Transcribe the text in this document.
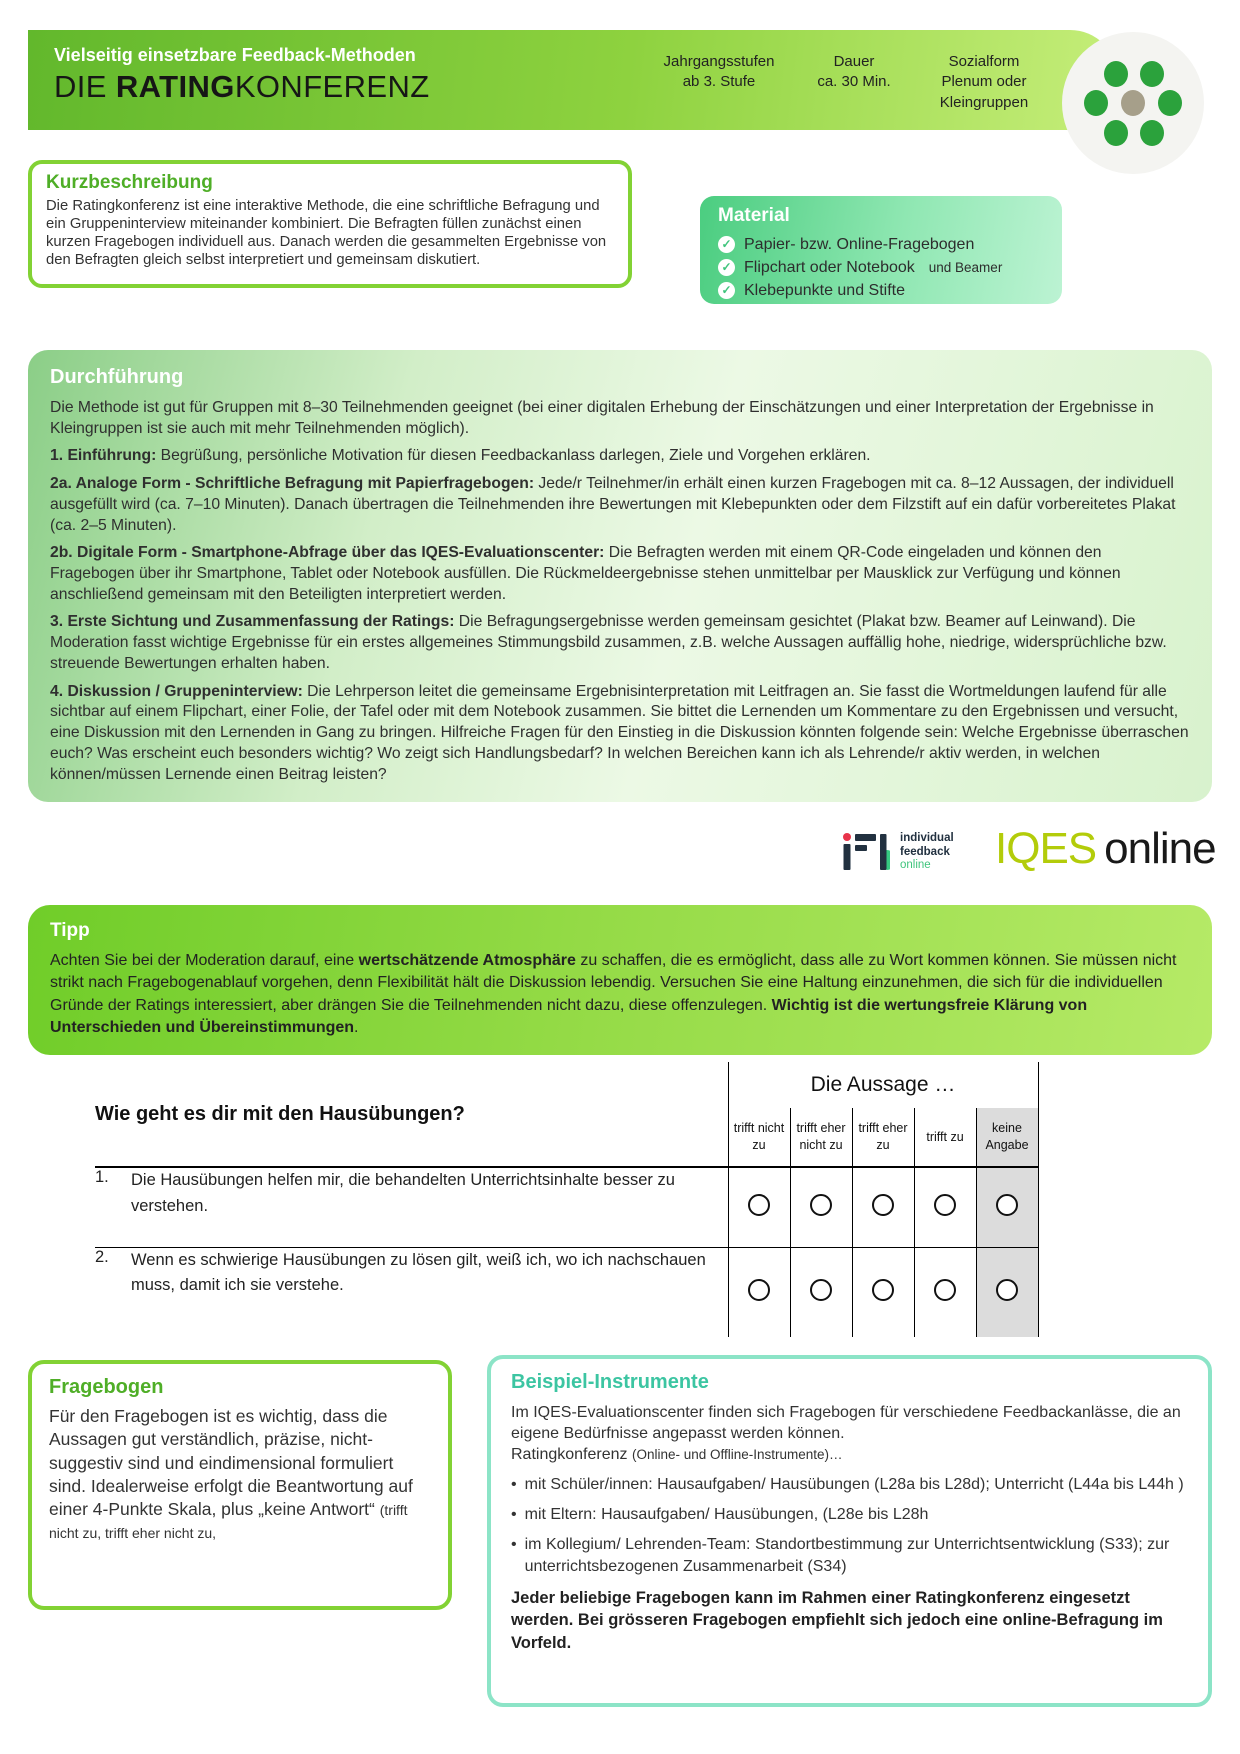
Vielseitig einsetzbare Feedback-Methoden
DIE RATINGKONFERENZ
Jahrgangsstufen
ab 3. Stufe
Dauer
ca. 30 Min.
Sozialform
Plenum oder Kleingruppen
Kurzbeschreibung

Die Ratingkonferenz ist eine interaktive Methode, die eine schriftliche Befragung und ein Gruppeninterview miteinander kombiniert. Die Befragten füllen zunächst einen kurzen Fragebogen individuell aus. Danach werden die gesammelten Ergebnisse von den Befragten gleich selbst interpretiert und gemeinsam diskutiert.

Material
✓
Papier- bzw. Online-Fragebogen
✓
Flipchart oder Notebook und Beamer
✓
Klebepunkte und Stifte
Durchführung

Die Methode ist gut für Gruppen mit 8–30 Teilnehmenden geeignet (bei einer digitalen Erhebung der Einschätzungen und einer Interpretation der Ergebnisse in Kleingruppen ist sie auch mit mehr Teilnehmenden möglich).

1. Einführung: Begrüßung, persönliche Motivation für diesen Feedbackanlass darlegen, Ziele und Vorgehen erklären.

2a. Analoge Form - Schriftliche Befragung mit Papierfragebogen: Jede/r Teilnehmer/in erhält einen kurzen Fragebogen mit ca. 8–12 Aussagen, der individuell ausgefüllt wird (ca. 7–10 Minuten). Danach übertragen die Teilnehmenden ihre Bewertungen mit Klebepunkten oder dem Filzstift auf ein dafür vorbereitetes Plakat (ca. 2–5 Minuten).

2b. Digitale Form - Smartphone-Abfrage über das IQES-Evaluationscenter: Die Befragten werden mit einem QR-Code eingeladen und können den Fragebogen über ihr Smartphone, Tablet oder Notebook ausfüllen. Die Rückmeldeergebnisse stehen unmittelbar per Mausklick zur Verfügung und können anschließend gemeinsam mit den Beteiligten interpretiert werden.

3. Erste Sichtung und Zusammenfassung der Ratings: Die Befragungsergebnisse werden gemeinsam gesichtet (Plakat bzw. Beamer auf Leinwand). Die Moderation fasst wichtige Ergebnisse für ein erstes allgemeines Stimmungsbild zusammen, z.B. welche Aussagen auffällig hohe, niedrige, widersprüchliche bzw. streuende Bewertungen erhalten haben.

4. Diskussion / Gruppeninterview: Die Lehrperson leitet die gemeinsame Ergebnisinterpretation mit Leitfragen an. Sie fasst die Wortmeldungen laufend für alle sichtbar auf einem Flipchart, einer Folie, der Tafel oder mit dem Notebook zusammen. Sie bittet die Lernenden um Kommentare zu den Ergebnissen und versucht, eine Diskussion mit den Lernenden in Gang zu bringen. Hilfreiche Fragen für den Einstieg in die Diskussion könnten folgende sein: Welche Ergebnisse überraschen euch? Was erscheint euch besonders wichtig? Wo zeigt sich Handlungsbedarf? In welchen Bereichen kann ich als Lehrende/r aktiv werden, in welchen können/müssen Lernende einen Beitrag leisten?

individual
feedback
online	IQES online
Tipp

Achten Sie bei der Moderation darauf, eine wertschätzende Atmosphäre zu schaffen, die es ermöglicht, dass alle zu Wort kommen können. Sie müssen nicht strikt nach Fragebogenablauf vorgehen, denn Flexibilität hält die Diskussion lebendig. Versuchen Sie eine Haltung einzunehmen, die sich für die individuellen Gründe der Ratings interessiert, aber drängen Sie die Teilnehmenden nicht dazu, diese offenzulegen. Wichtig ist die wertungsfreie Klärung von Unterschieden und Übereinstimmungen.

Wie geht es dir mit den Hausübungen?		Die Aussage …				
		trifft nicht zu	trifft eher nicht zu	trifft eher zu	trifft zu	keine Angabe
1.	Die Hausübungen helfen mir, die behandelten Unterrichtsinhalte besser zu verstehen.					
2.	Wenn es schwierige Hausübungen zu lösen gilt, weiß ich, wo ich nachschauen muss, damit ich sie verstehe.					
Fragebogen

Für den Fragebogen ist es wichtig, dass die Aussagen gut verständlich, präzise, nicht-suggestiv sind und eindimensional formuliert sind. Idealerweise erfolgt die Beantwortung auf einer 4-Punkte Skala, plus „keine Antwort“ (trifft nicht zu, trifft eher nicht zu,

Beispiel-Instrumente

Im IQES-Evaluationscenter finden sich Fragebogen für verschiedene Feedbackanlässe, die an eigene Bedürfnisse angepasst werden können.

Ratingkonferenz (Online- und Offline-Instrumente)…

• mit Schüler/innen: Hausaufgaben/ Hausübungen (L28a bis L28d); Unterricht (L44a bis L44h )
• mit Eltern: Hausaufgaben/ Hausübungen, (L28e bis L28h
• im Kollegium/ Lehrenden-Team: Standortbestimmung zur Unterrichtsentwicklung (S33); zur unterrichtsbezogenen Zusammenarbeit (S34)

Jeder beliebige Fragebogen kann im Rahmen einer Ratingkonferenz eingesetzt werden. Bei grösseren Fragebogen empfiehlt sich jedoch eine online-Befragung im Vorfeld.
